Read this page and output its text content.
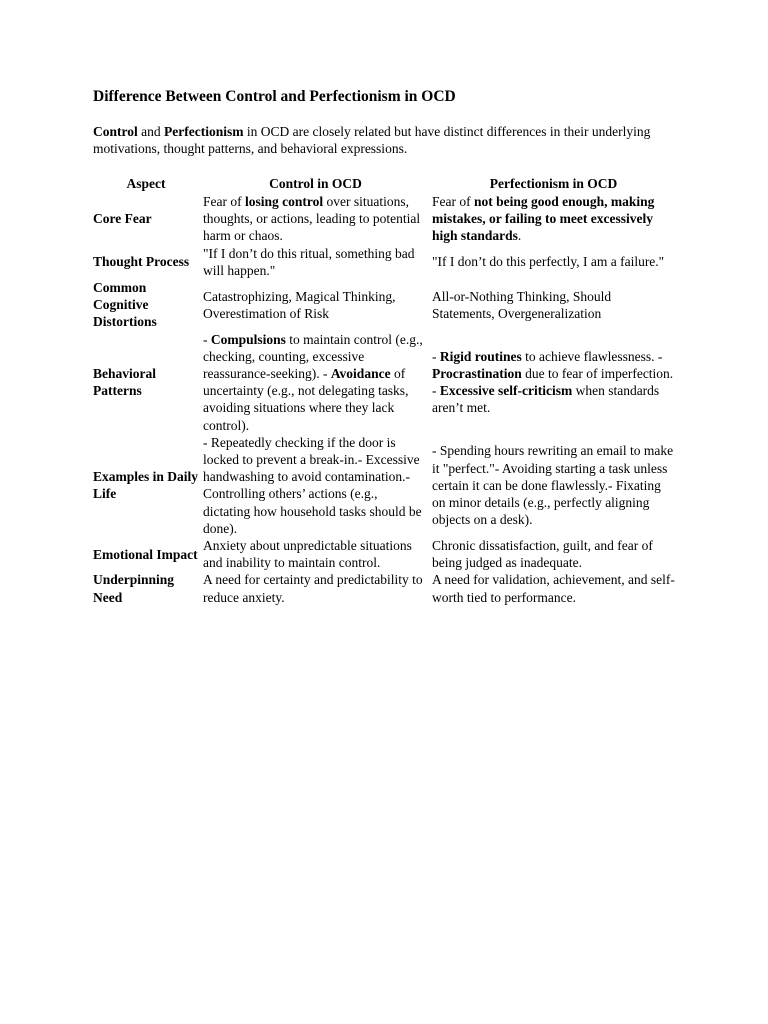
Difference Between Control and Perfectionism in OCD

Control and Perfectionism in OCD are closely related but have distinct differences in their underlying motivations, thought patterns, and behavioral expressions.

Aspect	Control in OCD	Perfectionism in OCD
Core Fear	Fear of losing control over situations, thoughts, or actions, leading to potential harm or chaos.	Fear of not being good enough, making mistakes, or failing to meet excessively high standards.
Thought Process	"If I don’t do this ritual, something bad will happen."	"If I don’t do this perfectly, I am a failure."
Common Cognitive Distortions	Catastrophizing, Magical Thinking, Overestimation of Risk	All-or-Nothing Thinking, Should Statements, Overgeneralization
Behavioral Patterns	- Compulsions to maintain control (e.g., checking, counting, excessive reassurance-seeking). - Avoidance of uncertainty (e.g., not delegating tasks, avoiding situations where they lack control).	- Rigid routines to achieve flawlessness. - Procrastination due to fear of imperfection. - Excessive self-criticism when standards aren’t met.
Examples in Daily Life	- Repeatedly checking if the door is locked to prevent a break-in.- Excessive handwashing to avoid contamination.- Controlling others’ actions (e.g., dictating how household tasks should be done).	- Spending hours rewriting an email to make it "perfect."- Avoiding starting a task unless certain it can be done flawlessly.- Fixating on minor details (e.g., perfectly aligning objects on a desk).
Emotional Impact	Anxiety about unpredictable situations and inability to maintain control.	Chronic dissatisfaction, guilt, and fear of being judged as inadequate.
Underpinning Need	A need for certainty and predictability to reduce anxiety.	A need for validation, achievement, and self-worth tied to performance.
